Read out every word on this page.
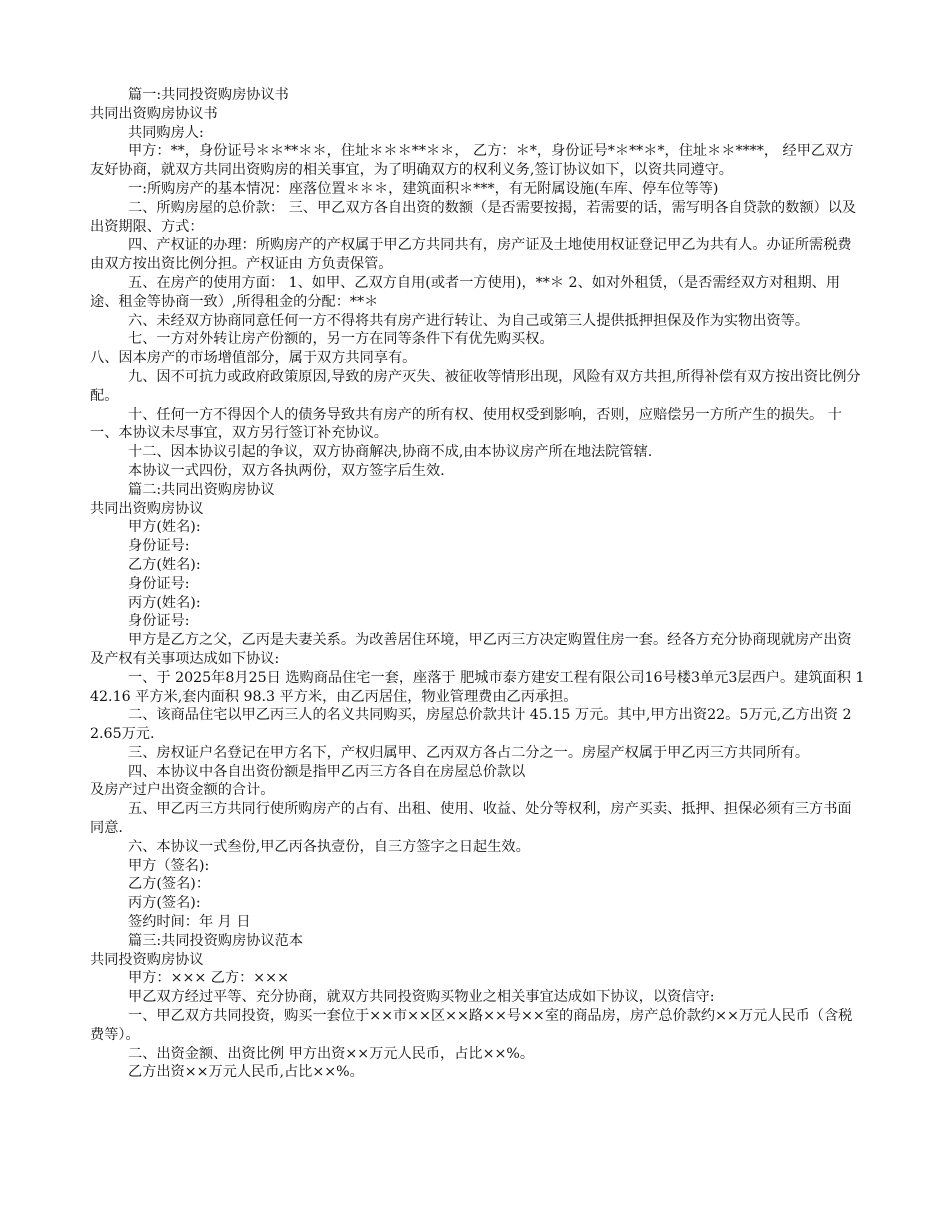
篇一:共同投资购房协议书

共同出资购房协议书

共同购房人:

甲方：**，身份证号＊＊**＊＊，住址＊＊＊**＊＊， 乙方：＊*，身份证号*＊**＊*，住址＊＊****， 经甲乙双方友好协商，就双方共同出资购房的相关事宜，为了明确双方的权利义务,签订协议如下，以资共同遵守。

一:所购房产的基本情况：座落位置＊＊＊，建筑面积＊***，有无附属设施(车库、停车位等等)

二、所购房屋的总价款： 三、甲乙双方各自出资的数额（是否需要按揭，若需要的话，需写明各自贷款的数额）以及出资期限、方式：

四、产权证的办理：所购房产的产权属于甲乙方共同共有，房产证及土地使用权证登记甲乙为共有人。办证所需税费由双方按出资比例分担。产权证由 方负责保管。

五、在房产的使用方面： 1、如甲、乙双方自用(或者一方使用)，**＊ 2、如对外租赁，（是否需经双方对租期、用途、租金等协商一致）,所得租金的分配：**＊

六、未经双方协商同意任何一方不得将共有房产进行转让、为自己或第三人提供抵押担保及作为实物出资等。

七、一方对外转让房产份额的，另一方在同等条件下有优先购买权。

八、因本房产的市场增值部分，属于双方共同享有。

九、因不可抗力或政府政策原因,导致的房产灭失、被征收等情形出现，风险有双方共担,所得补偿有双方按出资比例分配。

十、任何一方不得因个人的债务导致共有房产的所有权、使用权受到影响，否则，应赔偿另一方所产生的损失。 十一、本协议未尽事宜，双方另行签订补充协议。

十二、因本协议引起的争议，双方协商解决,协商不成,由本协议房产所在地法院管辖.

本协议一式四份，双方各执两份，双方签字后生效.

篇二:共同出资购房协议

共同出资购房协议

甲方(姓名):

身份证号:

乙方(姓名):

身份证号:

丙方(姓名):

身份证号:

甲方是乙方之父，乙丙是夫妻关系。为改善居住环境，甲乙丙三方决定购置住房一套。经各方充分协商现就房产出资及产权有关事项达成如下协议:

一、于 2025年8月25日 选购商品住宅一套，座落于 肥城市泰方建安工程有限公司16号楼3单元3层西户。建筑面积 142.16 平方米,套内面积 98.3 平方米，由乙丙居住，物业管理费由乙丙承担。

二、该商品住宅以甲乙丙三人的名义共同购买，房屋总价款共计 45.15 万元。其中,甲方出资22。5万元,乙方出资 22.65万元.

三、房权证户名登记在甲方名下，产权归属甲、乙丙双方各占二分之一。房屋产权属于甲乙丙三方共同所有。

四、本协议中各自出资份额是指甲乙丙三方各自在房屋总价款以

及房产过户出资金额的合计。

五、甲乙丙三方共同行使所购房产的占有、出租、使用、收益、处分等权利，房产买卖、抵押、担保必须有三方书面同意.

六、本协议一式叁份,甲乙丙各执壹份，自三方签字之日起生效。

甲方（签名):

乙方(签名)：

丙方(签名):

签约时间：年 月 日

篇三:共同投资购房协议范本

共同投资购房协议

甲方：××× 乙方：×××

甲乙双方经过平等、充分协商，就双方共同投资购买物业之相关事宜达成如下协议，以资信守:

一、甲乙双方共同投资，购买一套位于××市××区××路××号××室的商品房，房产总价款约××万元人民币（含税费等）。

二、出资金额、出资比例 甲方出资××万元人民币，占比××%。

乙方出资××万元人民币,占比××%。
